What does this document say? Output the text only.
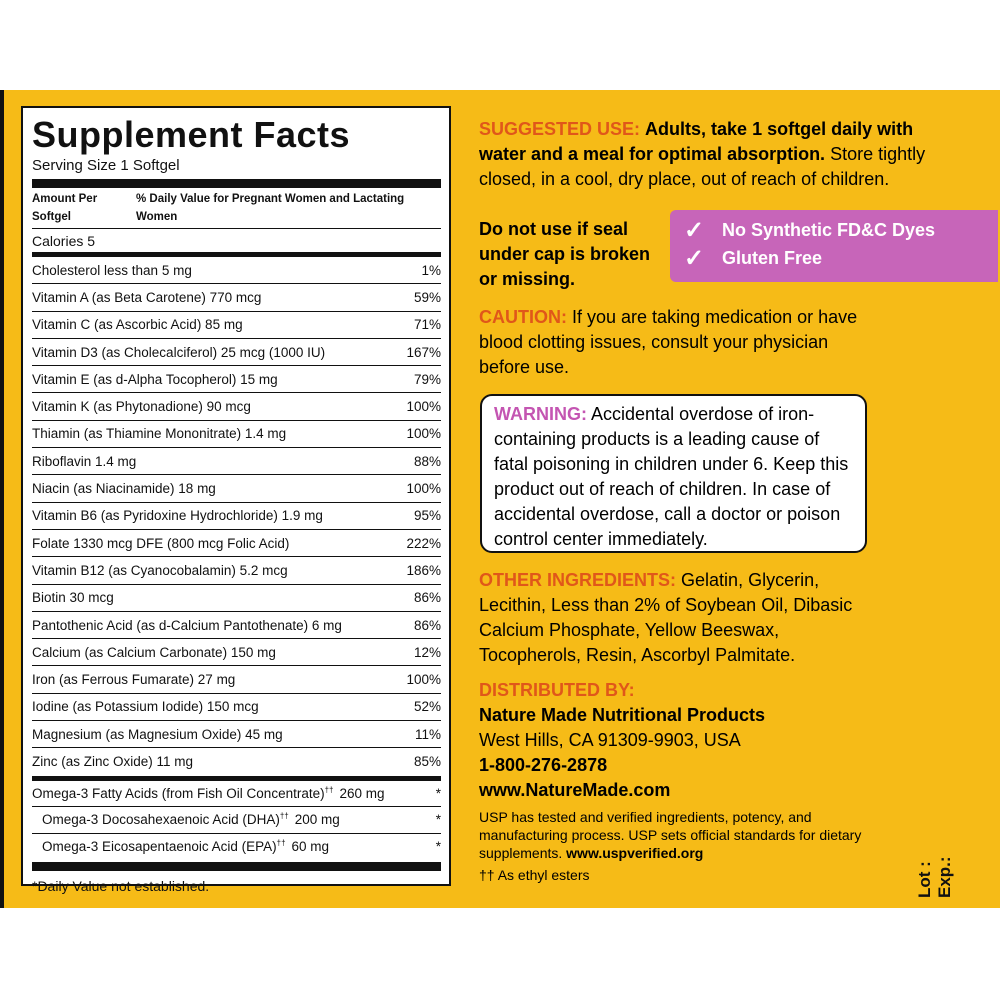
Supplement Facts
Serving Size 1 Softgel
Amount Per Softgel
% Daily Value for Pregnant Women and Lactating Women
Calories 5
Cholesterol less than 5 mg	1%
Vitamin A (as Beta Carotene) 770 mcg	59%
Vitamin C (as Ascorbic Acid) 85 mg	71%
Vitamin D3 (as Cholecalciferol) 25 mcg (1000 IU)	167%
Vitamin E (as d-Alpha Tocopherol) 15 mg	79%
Vitamin K (as Phytonadione) 90 mcg	100%
Thiamin (as Thiamine Mononitrate) 1.4 mg	100%
Riboflavin 1.4 mg	88%
Niacin (as Niacinamide) 18 mg	100%
Vitamin B6 (as Pyridoxine Hydrochloride) 1.9 mg	95%
Folate 1330 mcg DFE (800 mcg Folic Acid)	222%
Vitamin B12 (as Cyanocobalamin) 5.2 mcg	186%
Biotin 30 mcg	86%
Pantothenic Acid (as d-Calcium Pantothenate) 6 mg	86%
Calcium (as Calcium Carbonate) 150 mg	12%
Iron (as Ferrous Fumarate) 27 mg	100%
Iodine (as Potassium Iodide) 150 mcg	52%
Magnesium (as Magnesium Oxide) 45 mg	11%
Zinc (as Zinc Oxide) 11 mg	85%
Omega-3 Fatty Acids (from Fish Oil Concentrate)†† 260 mg	*
Omega-3 Docosahexaenoic Acid (DHA)†† 200 mg	*
Omega-3 Eicosapentaenoic Acid (EPA)†† 60 mg	*
*Daily Value not established.
SUGGESTED USE: Adults, take 1 softgel daily with water and a meal for optimal absorption. Store tightly closed, in a cool, dry place, out of reach of children.
Do not use if seal under cap is broken or missing.
✓ No Synthetic FD&C Dyes
✓ Gluten Free
CAUTION: If you are taking medication or have blood clotting issues, consult your physician before use.
WARNING: Accidental overdose of iron-containing products is a leading cause of fatal poisoning in children under 6. Keep this product out of reach of children. In case of accidental overdose, call a doctor or poison control center immediately.
OTHER INGREDIENTS: Gelatin, Glycerin, Lecithin, Less than 2% of Soybean Oil, Dibasic Calcium Phosphate, Yellow Beeswax, Tocopherols, Resin, Ascorbyl Palmitate.
DISTRIBUTED BY:
Nature Made Nutritional Products
West Hills, CA 91309-9903, USA
1-800-276-2878
www.NatureMade.com
USP has tested and verified ingredients, potency, and manufacturing process. USP sets official standards for dietary supplements. www.uspverified.org
†† As ethyl esters	Lot : Exp.:
